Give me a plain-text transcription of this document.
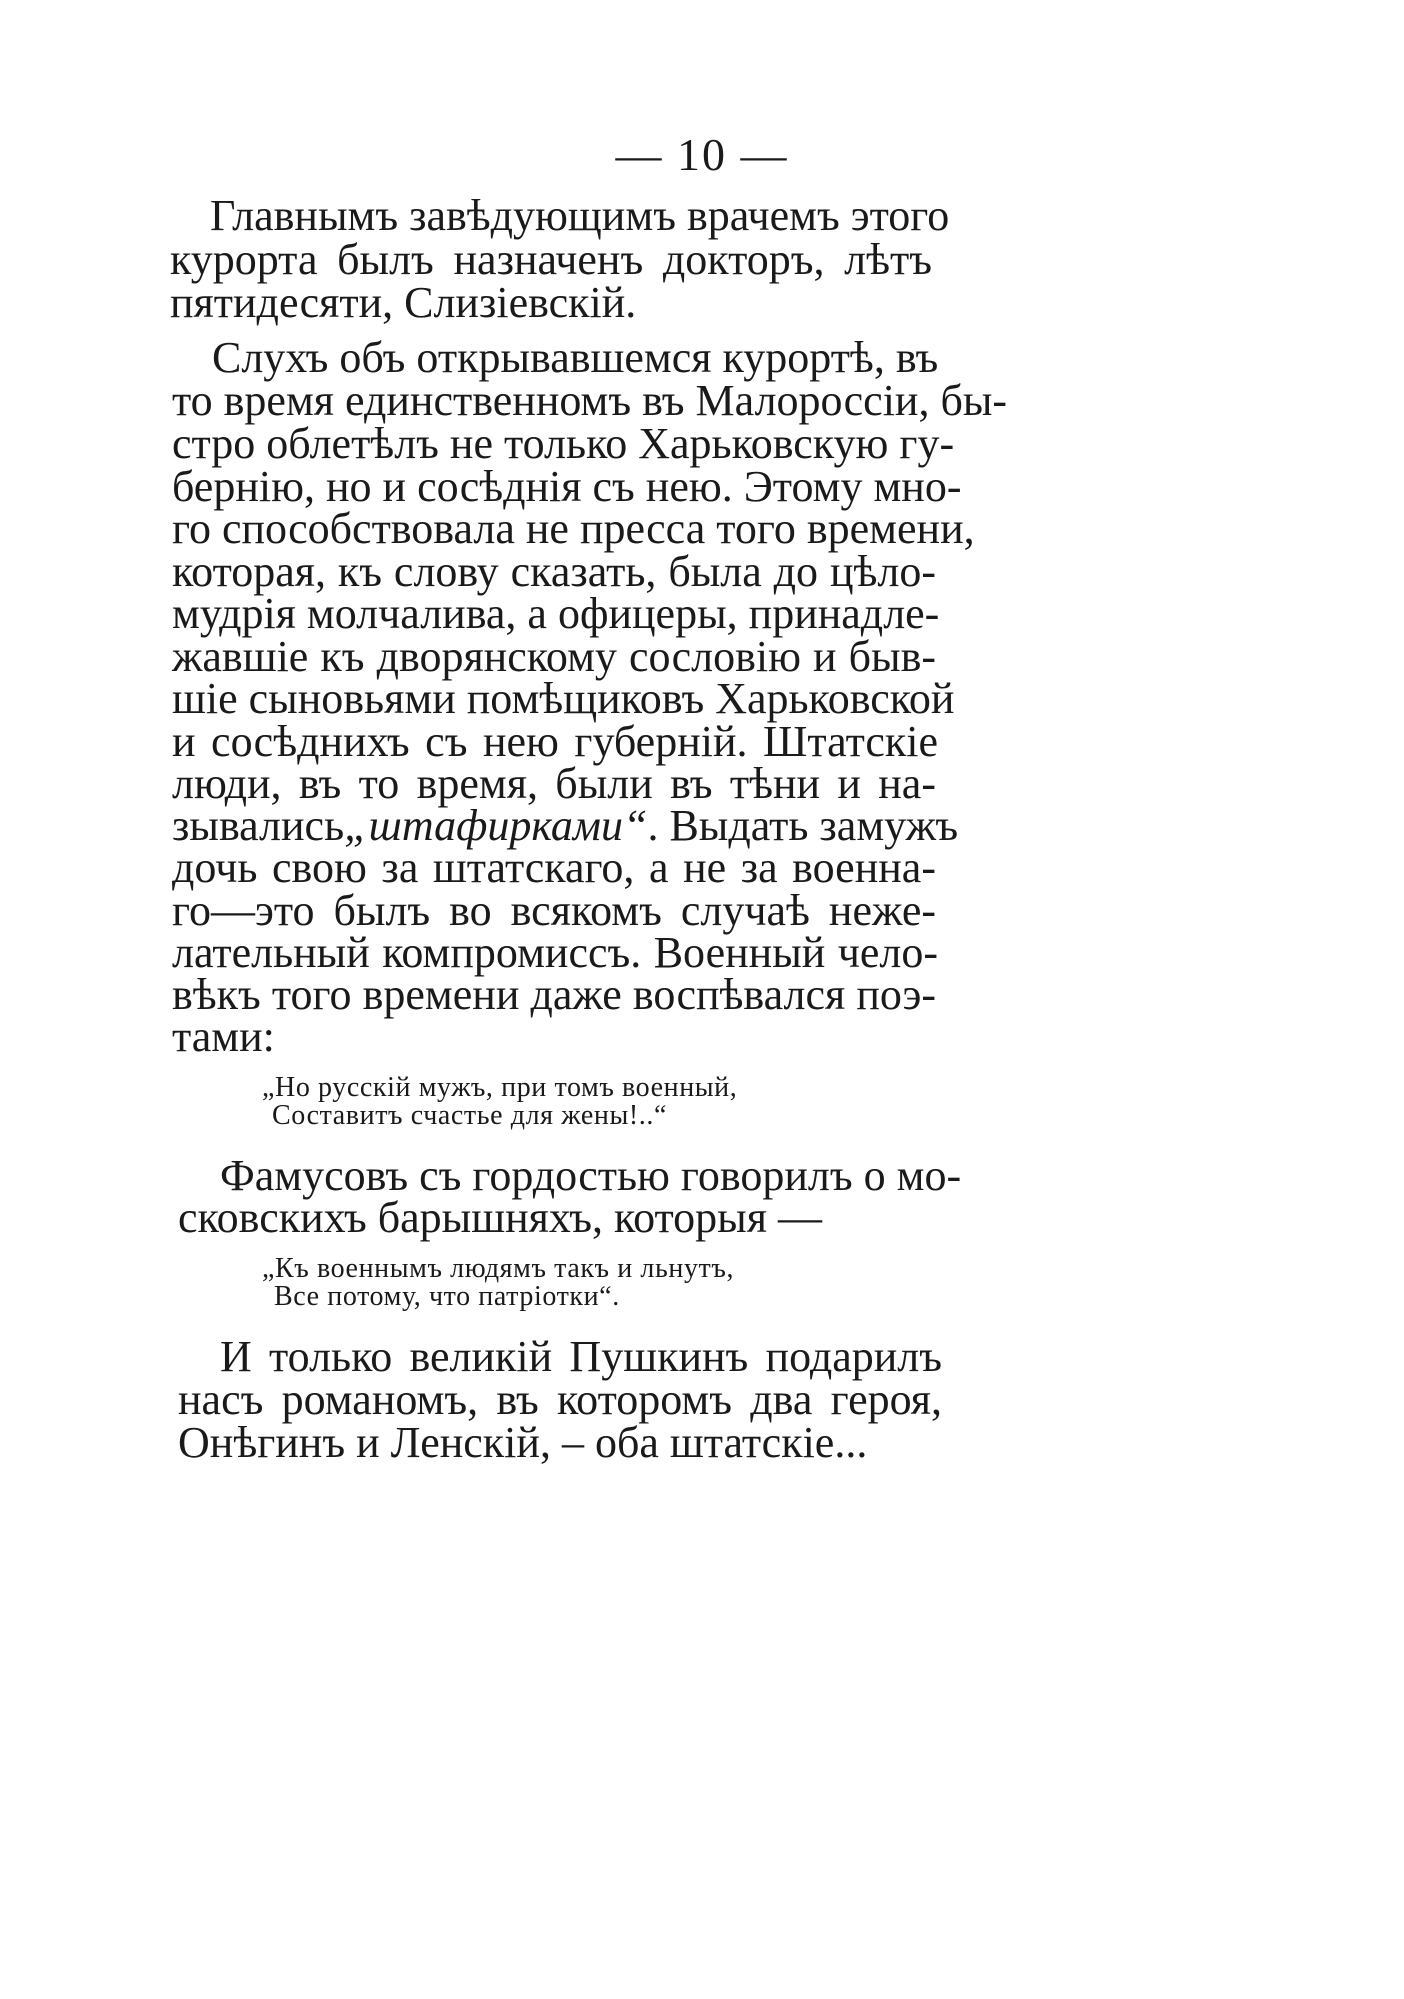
— 10 —
Главнымъ завѣдующимъ врачемъ этого
курорта былъ назначенъ докторъ, лѣтъ
пятидесяти, Слизіевскій.
Слухъ объ открывавшемся курортѣ, въ
то время единственномъ въ Малороссіи, бы-
стро облетѣлъ не только Харьковскую гу-
бернію, но и сосѣднія съ нею. Этому мно-
го способствовала не пресса того времени,
которая, къ слову сказать, была до цѣло-
мудрія молчалива, а офицеры, принадле-
жавшіе къ дворянскому сословію и быв-
шіе сыновьями помѣщиковъ Харьковской
и сосѣднихъ съ нею губерній. Штатскіе
люди, въ то время, были въ тѣни и на-
зывались „штафирками“ . Выдать замужъ
дочь свою за штатскаго, а не за военна-
го—это былъ во всякомъ случаѣ неже-
лательный компромиссъ. Военный чело-
вѣкъ того времени даже воспѣвался поэ-
тами:
„Но русскій мужъ, при томъ военный,
Составитъ счастье для жены!..“
Фамусовъ съ гордостью говорилъ о мо-
сковскихъ барышняхъ, которыя —
„Къ военнымъ людямъ такъ и льнутъ,
Все потому, что патріотки“.
И только великій Пушкинъ подарилъ
насъ романомъ, въ которомъ два героя,
Онѣгинъ и Ленскій, – оба штатскіе...
